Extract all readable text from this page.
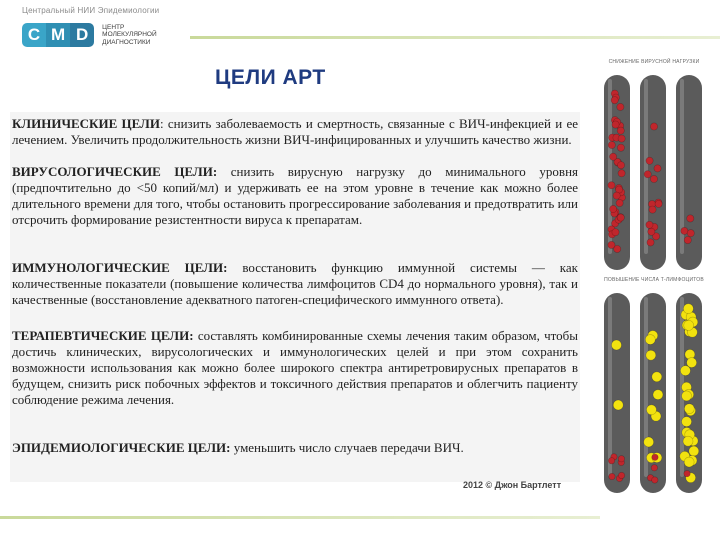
Центральный НИИ Эпидемиологии
C M D	ЦЕНТР
МОЛЕКУЛЯРНОЙ
ДИАГНОСТИКИ
ЦЕЛИ АРТ
КЛИНИЧЕСКИЕ ЦЕЛИ: снизить заболеваемость и смертность, связанные с ВИЧ-инфекцией и ее лечением. Увеличить продолжительность жизни ВИЧ-инфицированных и улучшить качество жизни.
ВИРУСОЛОГИЧЕСКИЕ ЦЕЛИ: снизить вирусную нагрузку до минимального уровня (предпочтительно до <50 копий/мл) и удерживать ее на этом уровне в течение как можно более длительного времени для того, чтобы остановить прогрессирование заболевания и предотвратить или отсрочить формирование резистентности вируса к препаратам.
ИММУНОЛОГИЧЕСКИЕ ЦЕЛИ: восстановить функцию иммунной системы — как количественные показатели (повышение количества лимфоцитов CD4 до нормального уровня), так и качественные (восстановление адекватного патоген-специфического иммунного ответа).
ТЕРАПЕВТИЧЕСКИЕ ЦЕЛИ: составлять комбинированные схемы лечения таким образом, чтобы достичь клинических, вирусологических и иммунологических целей и при этом сохранить возможности использования как можно более широкого спектра антиретровирусных препаратов в будущем, снизить риск побочных эффектов и токсичного действия препаратов и облегчить пациенту соблюдение режима лечения.
ЭПИДЕМИОЛОГИЧЕСКИЕ ЦЕЛИ: уменьшить число случаев передачи ВИЧ.
2012 © Джон Бартлетт
СНИЖЕНИЕ ВИРУСНОЙ НАГРУЗКИ
ПОВЫШЕНИЕ ЧИСЛА Т-ЛИМФОЦИТОВ
